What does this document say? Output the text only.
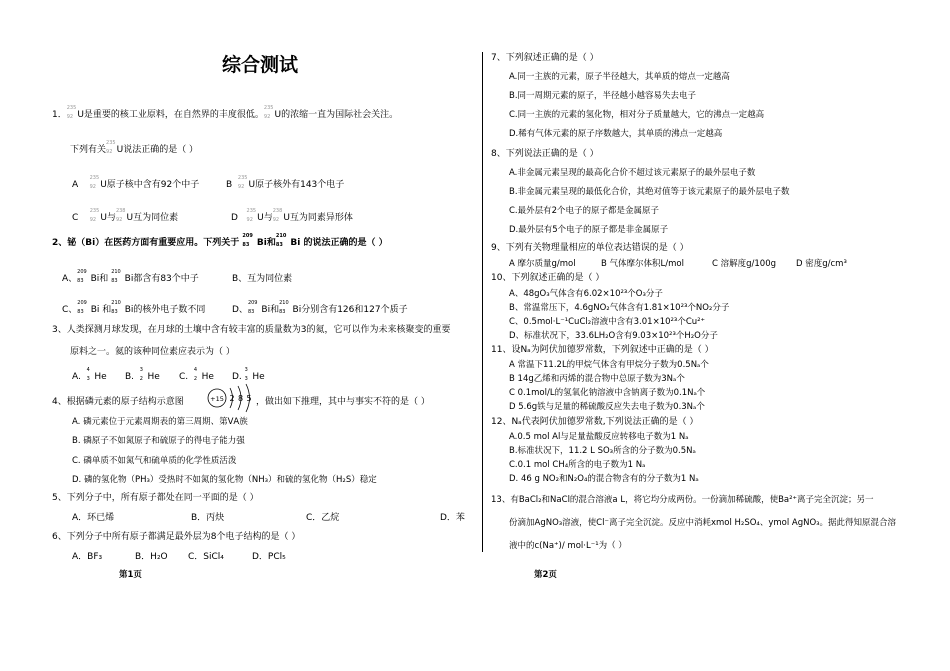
综合测试
1．
235
92 U是重要的核工业原料，在自然界的丰度很低。
235
92 U的浓缩一直为国际社会关注。
下列有关
235
92 U说法正确的是（ ）
A
235
92 U原子核中含有92个中子	B
235
92 U原子核外有143个电子
C
235
92 U与
238
92 U互为同位素	D
235
92 U与
238
92 U互为同素异形体
2、铋（Bi）在医药方面有重要应用。下列关于
209
83 Bi和
210
83 Bi 的说法正确的是（ ）
A、
209
83 Bi和
210
83 Bi都含有83个中子	B、互为同位素
C、
209
83 Bi 和
210
83 Bi的核外电子数不同	D、
209
83 Bi和
210
83 Bi分别含有126和127个质子
3、人类探测月球发现，在月球的土壤中含有较丰富的质量数为3的氦，它可以作为未来核聚变的重要
原料之一。氦的该种同位素应表示为（ ）
A.
4
3 He B.
3
2 He C.
4
2 He D.
3
3 He
4、根据磷元素的原子结构示意图	+15 2 8 5 ，做出如下推理，其中与事实不符的是（ ）
A. 磷元素位于元素周期表的第三周期、第ⅤA族
B. 磷原子不如氮原子和硫原子的得电子能力强
C. 磷单质不如氮气和硫单质的化学性质活泼
D. 磷的氢化物（PH₃）受热时不如氮的氢化物（NH₃）和硫的氢化物（H₂S）稳定
5、下列分子中，所有原子都处在同一平面的是（ ）
A．环已烯	B．丙炔	C．乙烷	D．苯
6、下列分子中所有原子都满足最外层为8个电子结构的是（ ）
A．BF₃	B．H₂O C．SiCl₄	D．PCl₅
第1页
7、下列叙述正确的是（ ）
A.同一主族的元素，原子半径越大，其单质的熔点一定越高
B.同一周期元素的原子，半径越小越容易失去电子
C.同一主族的元素的氢化物，相对分子质量越大，它的沸点一定越高
D.稀有气体元素的原子序数越大，其单质的沸点一定越高
8、下列说法正确的是（ ）
A.非金属元素呈现的最高化合价不超过该元素原子的最外层电子数
B.非金属元素呈现的最低化合价，其绝对值等于该元素原子的最外层电子数
C.最外层有2个电子的原子都是金属原子
D.最外层有5个电子的原子都是非金属原子
9、下列有关物理量相应的单位表达错误的是（ ）
A 摩尔质量g/mol	B 气体摩尔体积L/mol	C 溶解度g/100g D 密度g/cm³
10、下列叙述正确的是（ ）
A、48gO₃气体含有6.02×10²³个O₃分子
B、常温常压下，4.6gNO₂气体含有1.81×10²³个NO₂分子
C、0.5mol·L⁻¹CuCl₂溶液中含有3.01×10²³个Cu²⁺
D、标准状况下，33.6LH₂O含有9.03×10²³个H₂O分子
11、设Nₐ为阿伏加德罗常数，下列叙述中正确的是（ ）
A 常温下11.2L的甲烷气体含有甲烷分子数为0.5Nₐ个
B 14g乙烯和丙烯的混合物中总原子数为3Nₐ个
C 0.1mol/L的氢氧化钠溶液中含钠离子数为0.1Nₐ个
D 5.6g铁与足量的稀硫酸反应失去电子数为0.3Nₐ个
12、Nₐ代表阿伏加德罗常数,下列说法正确的是（ ）
A.0.5 mol Al与足量盐酸反应转移电子数为1 Nₐ
B.标准状况下，11.2 L SO₃所含的分子数为0.5Nₐ
C.0.1 mol CH₄所含的电子数为1 Nₐ
D. 46 g NO₂和N₂O₄的混合物含有的分子数为1 Nₐ
13、有BaCl₂和NaCl的混合溶液a L，将它均分成两份。一份滴加稀硫酸，使Ba²⁺离子完全沉淀；另一
份滴加AgNO₃溶液，使Cl⁻离子完全沉淀。反应中消耗xmol H₂SO₄、ymol AgNO₃。据此得知原混合溶
液中的c(Na⁺)/ mol·L⁻¹为（ ）
第2页
